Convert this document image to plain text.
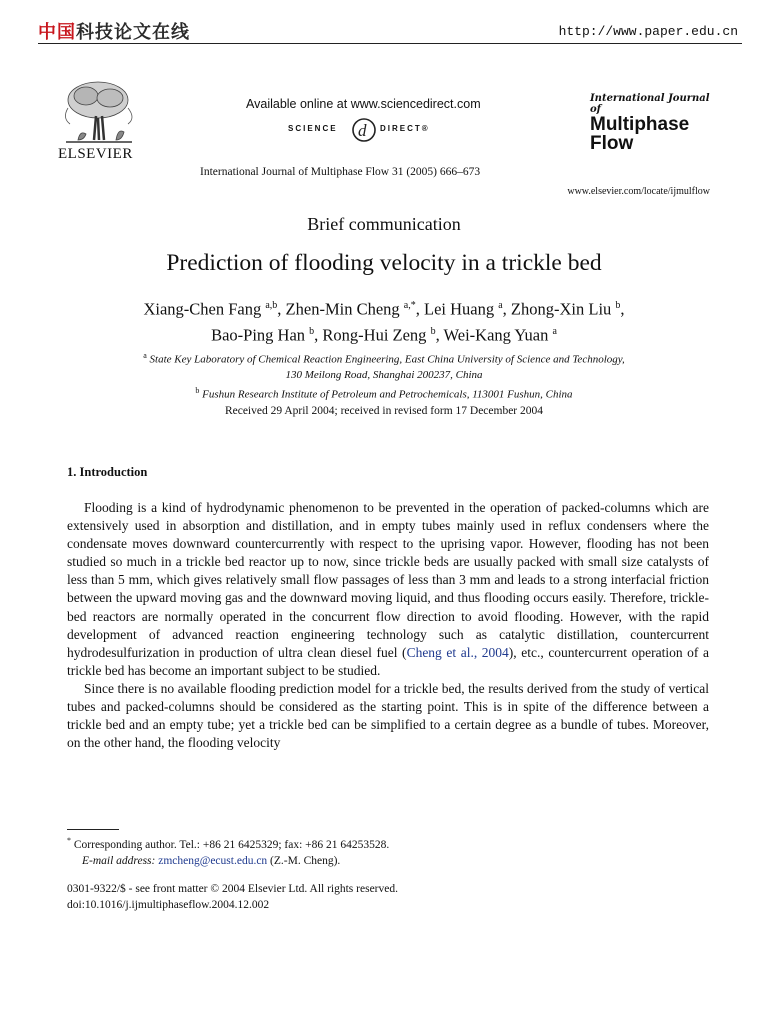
中国科技论文在线	http://www.paper.edu.cn
ELSEVIER
Available online at www.sciencedirect.com
SCIENCE d DIRECT®
International Journal of
Multiphase
Flow
International Journal of Multiphase Flow 31 (2005) 666–673
www.elsevier.com/locate/ijmulflow
Brief communication
Prediction of flooding velocity in a trickle bed
Xiang-Chen Fang $^{a,b}$, Zhen-Min Cheng $^{a,*}$, Lei Huang $^a$, Zhong-Xin Liu $^b$,
Bao-Ping Han $^b$, Rong-Hui Zeng $^b$, Wei-Kang Yuan $^a$
$^a$ State Key Laboratory of Chemical Reaction Engineering, East China University of Science and Technology,
130 Meilong Road, Shanghai 200237, China
$^b$ Fushun Research Institute of Petroleum and Petrochemicals, 113001 Fushun, China
Received 29 April 2004; received in revised form 17 December 2004
1. Introduction

Flooding is a kind of hydrodynamic phenomenon to be prevented in the operation of packed-columns which are extensively used in absorption and distillation, and in empty tubes mainly used in reflux condensers where the condensate moves downward countercurrently with respect to the uprising vapor. However, flooding has not been studied so much in a trickle bed reactor up to now, since trickle beds are usually packed with small size catalysts of less than 5 mm, which gives relatively small flow passages of less than 3 mm and leads to a strong interfacial friction between the upward moving gas and the downward moving liquid, and thus flooding occurs easily. Therefore, trickle-bed reactors are normally operated in the concurrent flow direction to avoid flooding. However, with the rapid development of advanced reaction engineering technology such as catalytic distillation, countercurrent hydrodesulfurization in production of ultra clean diesel fuel (Cheng et al., 2004), etc., countercurrent operation of a trickle bed has become an important subject to be studied.

Since there is no available flooding prediction model for a trickle bed, the results derived from the study of vertical tubes and packed-columns should be considered as the starting point. This is in spite of the difference between a trickle bed and an empty tube; yet a trickle bed can be simplified to a certain degree as a bundle of tubes. Moreover, on the other hand, the flooding velocity

* Corresponding author. Tel.: +86 21 6425329; fax: +86 21 64253528.
E-mail address: zmcheng@ecust.edu.cn (Z.-M. Cheng).
0301-9322/$ - see front matter © 2004 Elsevier Ltd. All rights reserved.
doi:10.1016/j.ijmultiphaseflow.2004.12.002
